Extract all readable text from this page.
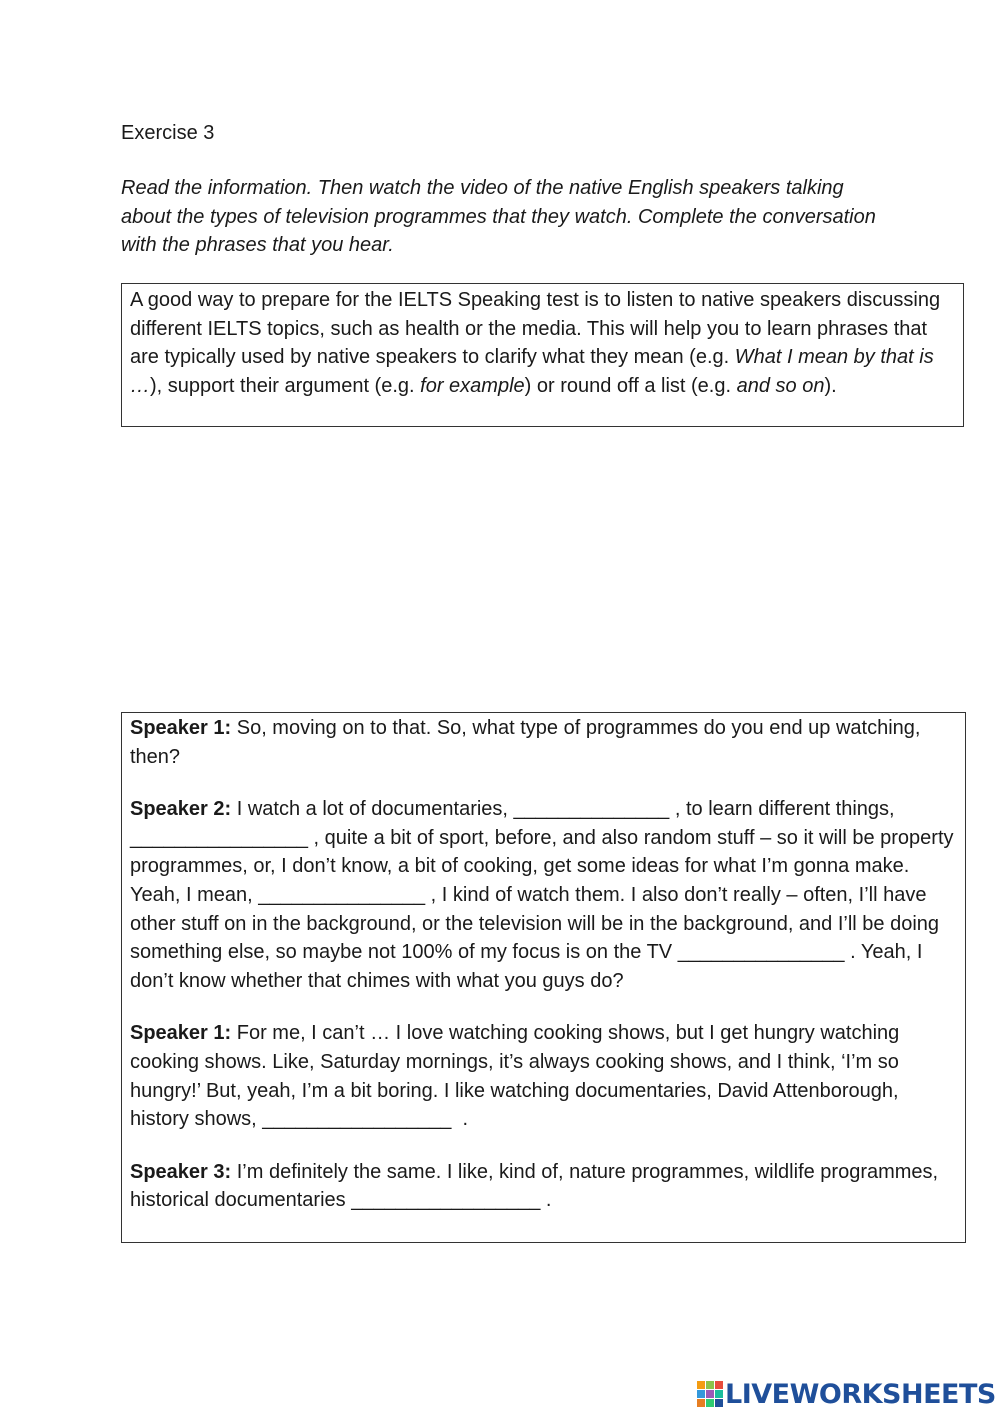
Exercise 3
Read the information. Then watch the video of the native English speakers talking about the types of television programmes that they watch. Complete the conversation with the phrases that you hear.
A good way to prepare for the IELTS Speaking test is to listen to native speakers discussing different IELTS topics, such as health or the media. This will help you to learn phrases that are typically used by native speakers to clarify what they mean (e.g. What I mean by that is …), support their argument (e.g. for example) or round off a list (e.g. and so on).

Speaker 1: So, moving on to that. So, what type of programmes do you end up watching, then?

Speaker 2: I watch a lot of documentaries, ______________ , to learn different things, ________________ , quite a bit of sport, before, and also random stuff – so it will be property programmes, or, I don’t know, a bit of cooking, get some ideas for what I’m gonna make. Yeah, I mean, _______________ , I kind of watch them. I also don’t really – often, I’ll have other stuff on in the background, or the television will be in the background, and I’ll be doing something else, so maybe not 100% of my focus is on the TV _______________ . Yeah, I don’t know whether that chimes with what you guys do?

Speaker 1: For me, I can’t … I love watching cooking shows, but I get hungry watching cooking shows. Like, Saturday mornings, it’s always cooking shows, and I think, ‘I’m so hungry!’ But, yeah, I’m a bit boring. I like watching documentaries, David Attenborough, history shows, _________________  .

Speaker 3: I’m definitely the same. I like, kind of, nature programmes, wildlife programmes, historical documentaries _________________ .

LIVEWORKSHEETS
